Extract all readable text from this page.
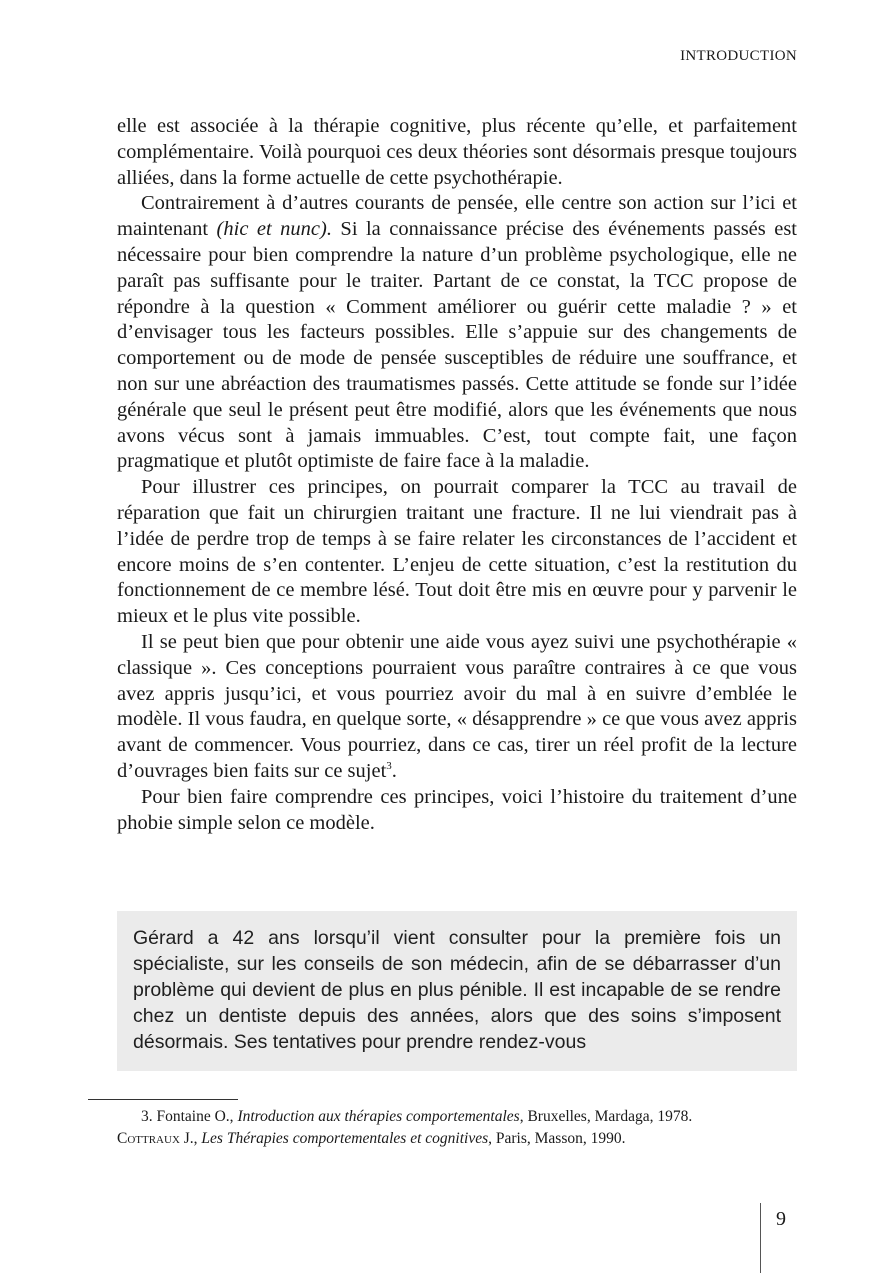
INTRODUCTION

elle est associée à la thérapie cognitive, plus récente qu’elle, et parfaitement complémentaire. Voilà pourquoi ces deux théories sont désormais presque toujours alliées, dans la forme actuelle de cette psychothérapie.

Contrairement à d’autres courants de pensée, elle centre son action sur l’ici et maintenant (hic et nunc). Si la connaissance précise des événements passés est nécessaire pour bien comprendre la nature d’un problème psychologique, elle ne paraît pas suffisante pour le traiter. Partant de ce constat, la TCC propose de répondre à la question « Comment améliorer ou guérir cette maladie ? » et d’envisager tous les facteurs possibles. Elle s’appuie sur des changements de comportement ou de mode de pensée susceptibles de réduire une souffrance, et non sur une abréaction des traumatismes passés. Cette attitude se fonde sur l’idée générale que seul le présent peut être modifié, alors que les événements que nous avons vécus sont à jamais immuables. C’est, tout compte fait, une façon pragmatique et plutôt optimiste de faire face à la maladie.

Pour illustrer ces principes, on pourrait comparer la TCC au travail de réparation que fait un chirurgien traitant une fracture. Il ne lui viendrait pas à l’idée de perdre trop de temps à se faire relater les circonstances de l’accident et encore moins de s’en contenter. L’enjeu de cette situation, c’est la restitution du fonctionnement de ce membre lésé. Tout doit être mis en œuvre pour y parvenir le mieux et le plus vite possible.

Il se peut bien que pour obtenir une aide vous ayez suivi une psychothérapie « classique ». Ces conceptions pourraient vous paraître contraires à ce que vous avez appris jusqu’ici, et vous pourriez avoir du mal à en suivre d’emblée le modèle. Il vous faudra, en quelque sorte, « désapprendre » ce que vous avez appris avant de commencer. Vous pourriez, dans ce cas, tirer un réel profit de la lecture d’ouvrages bien faits sur ce sujet$^3$.

Pour bien faire comprendre ces principes, voici l’histoire du traitement d’une phobie simple selon ce modèle.

Gérard a 42 ans lorsqu’il vient consulter pour la première fois un spécialiste, sur les conseils de son médecin, afin de se débarrasser d’un problème qui devient de plus en plus pénible. Il est incapable de se rendre chez un dentiste depuis des années, alors que des soins s’imposent désormais. Ses tentatives pour prendre rendez-vous

3. Fontaine O., Introduction aux thérapies comportementales, Bruxelles, Mardaga, 1978.
Cottraux J., Les Thérapies comportementales et cognitives, Paris, Masson, 1990.
9
